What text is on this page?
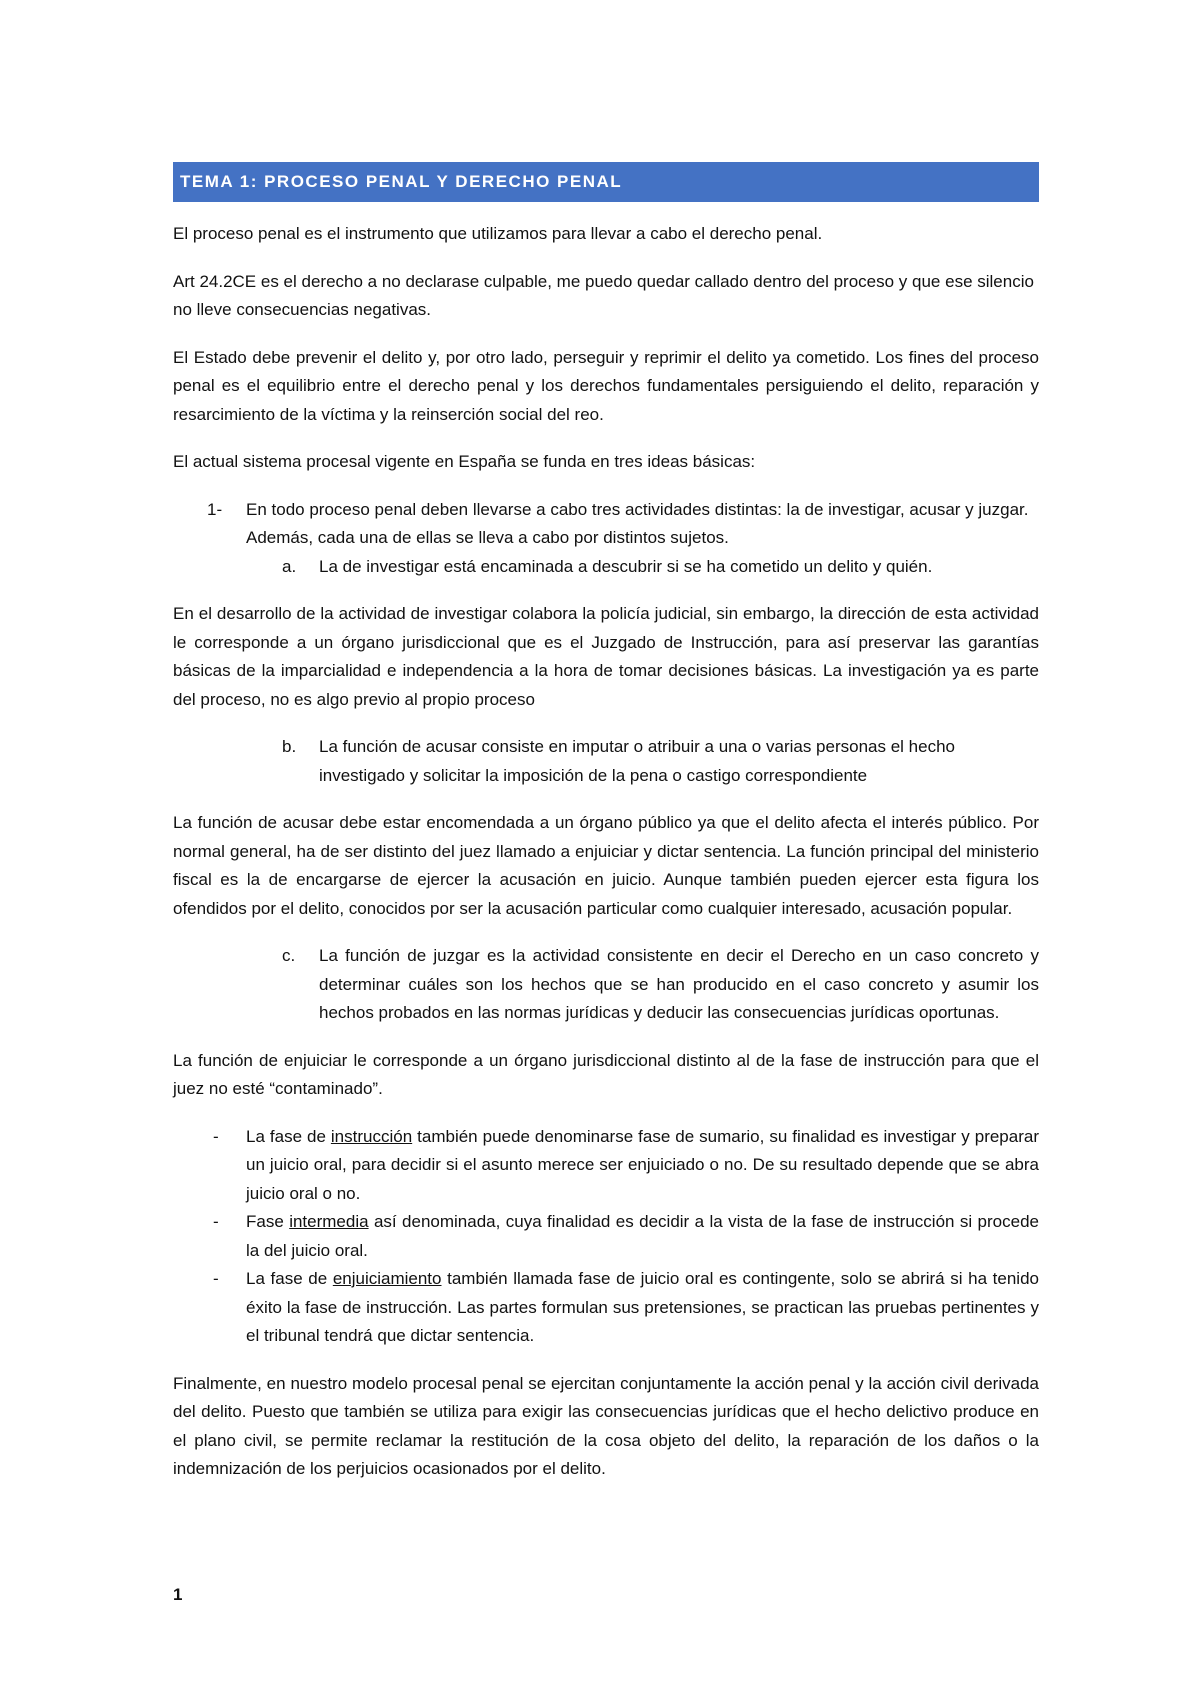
TEMA 1: PROCESO PENAL Y DERECHO PENAL

El proceso penal es el instrumento que utilizamos para llevar a cabo el derecho penal.

Art 24.2CE es el derecho a no declarase culpable, me puedo quedar callado dentro del proceso y que ese silencio no lleve consecuencias negativas.

El Estado debe prevenir el delito y, por otro lado, perseguir y reprimir el delito ya cometido. Los fines del proceso penal es el equilibrio entre el derecho penal y los derechos fundamentales persiguiendo el delito, reparación y resarcimiento de la víctima y la reinserción social del reo.

El actual sistema procesal vigente en España se funda en tres ideas básicas:

1- En todo proceso penal deben llevarse a cabo tres actividades distintas: la de investigar, acusar y juzgar. Además, cada una de ellas se lleva a cabo por distintos sujetos.
a. La de investigar está encaminada a descubrir si se ha cometido un delito y quién.

En el desarrollo de la actividad de investigar colabora la policía judicial, sin embargo, la dirección de esta actividad le corresponde a un órgano jurisdiccional que es el Juzgado de Instrucción, para así preservar las garantías básicas de la imparcialidad e independencia a la hora de tomar decisiones básicas. La investigación ya es parte del proceso, no es algo previo al propio proceso

b. La función de acusar consiste en imputar o atribuir a una o varias personas el hecho investigado y solicitar la imposición de la pena o castigo correspondiente

La función de acusar debe estar encomendada a un órgano público ya que el delito afecta el interés público. Por normal general, ha de ser distinto del juez llamado a enjuiciar y dictar sentencia. La función principal del ministerio fiscal es la de encargarse de ejercer la acusación en juicio. Aunque también pueden ejercer esta figura los ofendidos por el delito, conocidos por ser la acusación particular como cualquier interesado, acusación popular.

c. La función de juzgar es la actividad consistente en decir el Derecho en un caso concreto y determinar cuáles son los hechos que se han producido en el caso concreto y asumir los hechos probados en las normas jurídicas y deducir las consecuencias jurídicas oportunas.

La función de enjuiciar le corresponde a un órgano jurisdiccional distinto al de la fase de instrucción para que el juez no esté “contaminado”.

- La fase de instrucción también puede denominarse fase de sumario, su finalidad es investigar y preparar un juicio oral, para decidir si el asunto merece ser enjuiciado o no. De su resultado depende que se abra juicio oral o no.
- Fase intermedia así denominada, cuya finalidad es decidir a la vista de la fase de instrucción si procede la del juicio oral.
- La fase de enjuiciamiento también llamada fase de juicio oral es contingente, solo se abrirá si ha tenido éxito la fase de instrucción. Las partes formulan sus pretensiones, se practican las pruebas pertinentes y el tribunal tendrá que dictar sentencia.

Finalmente, en nuestro modelo procesal penal se ejercitan conjuntamente la acción penal y la acción civil derivada del delito. Puesto que también se utiliza para exigir las consecuencias jurídicas que el hecho delictivo produce en el plano civil, se permite reclamar la restitución de la cosa objeto del delito, la reparación de los daños o la indemnización de los perjuicios ocasionados por el delito.

1
